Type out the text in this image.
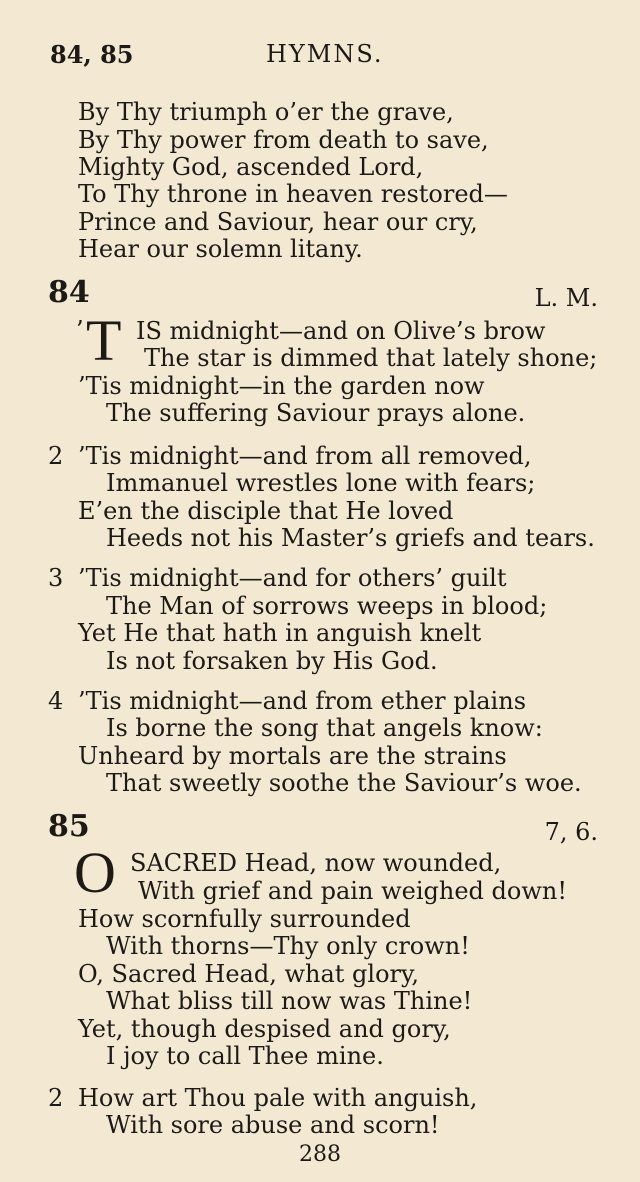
84, 85	HYMNS.
By Thy triumph o’er the grave,
By Thy power from death to save,
Mighty God, ascended Lord,
To Thy throne in heaven restored—
Prince and Saviour, hear our cry,
Hear our solemn litany.
84	L. M.
’ T IS midnight—and on Olive’s brow
The star is dimmed that lately shone;
’Tis midnight—in the garden now
The suffering Saviour prays alone.
2 ’Tis midnight—and from all removed,
Immanuel wrestles lone with fears;
E’en the disciple that He loved
Heeds not his Master’s griefs and tears.
3 ’Tis midnight—and for others’ guilt
The Man of sorrows weeps in blood;
Yet He that hath in anguish knelt
Is not forsaken by His God.
4 ’Tis midnight—and from ether plains
Is borne the song that angels know:
Unheard by mortals are the strains
That sweetly soothe the Saviour’s woe.
85	7, 6.
O SACRED Head, now wounded,
With grief and pain weighed down!
How scornfully surrounded
With thorns—Thy only crown!
O, Sacred Head, what glory,
What bliss till now was Thine!
Yet, though despised and gory,
I joy to call Thee mine.
2 How art Thou pale with anguish,
With sore abuse and scorn!
288
